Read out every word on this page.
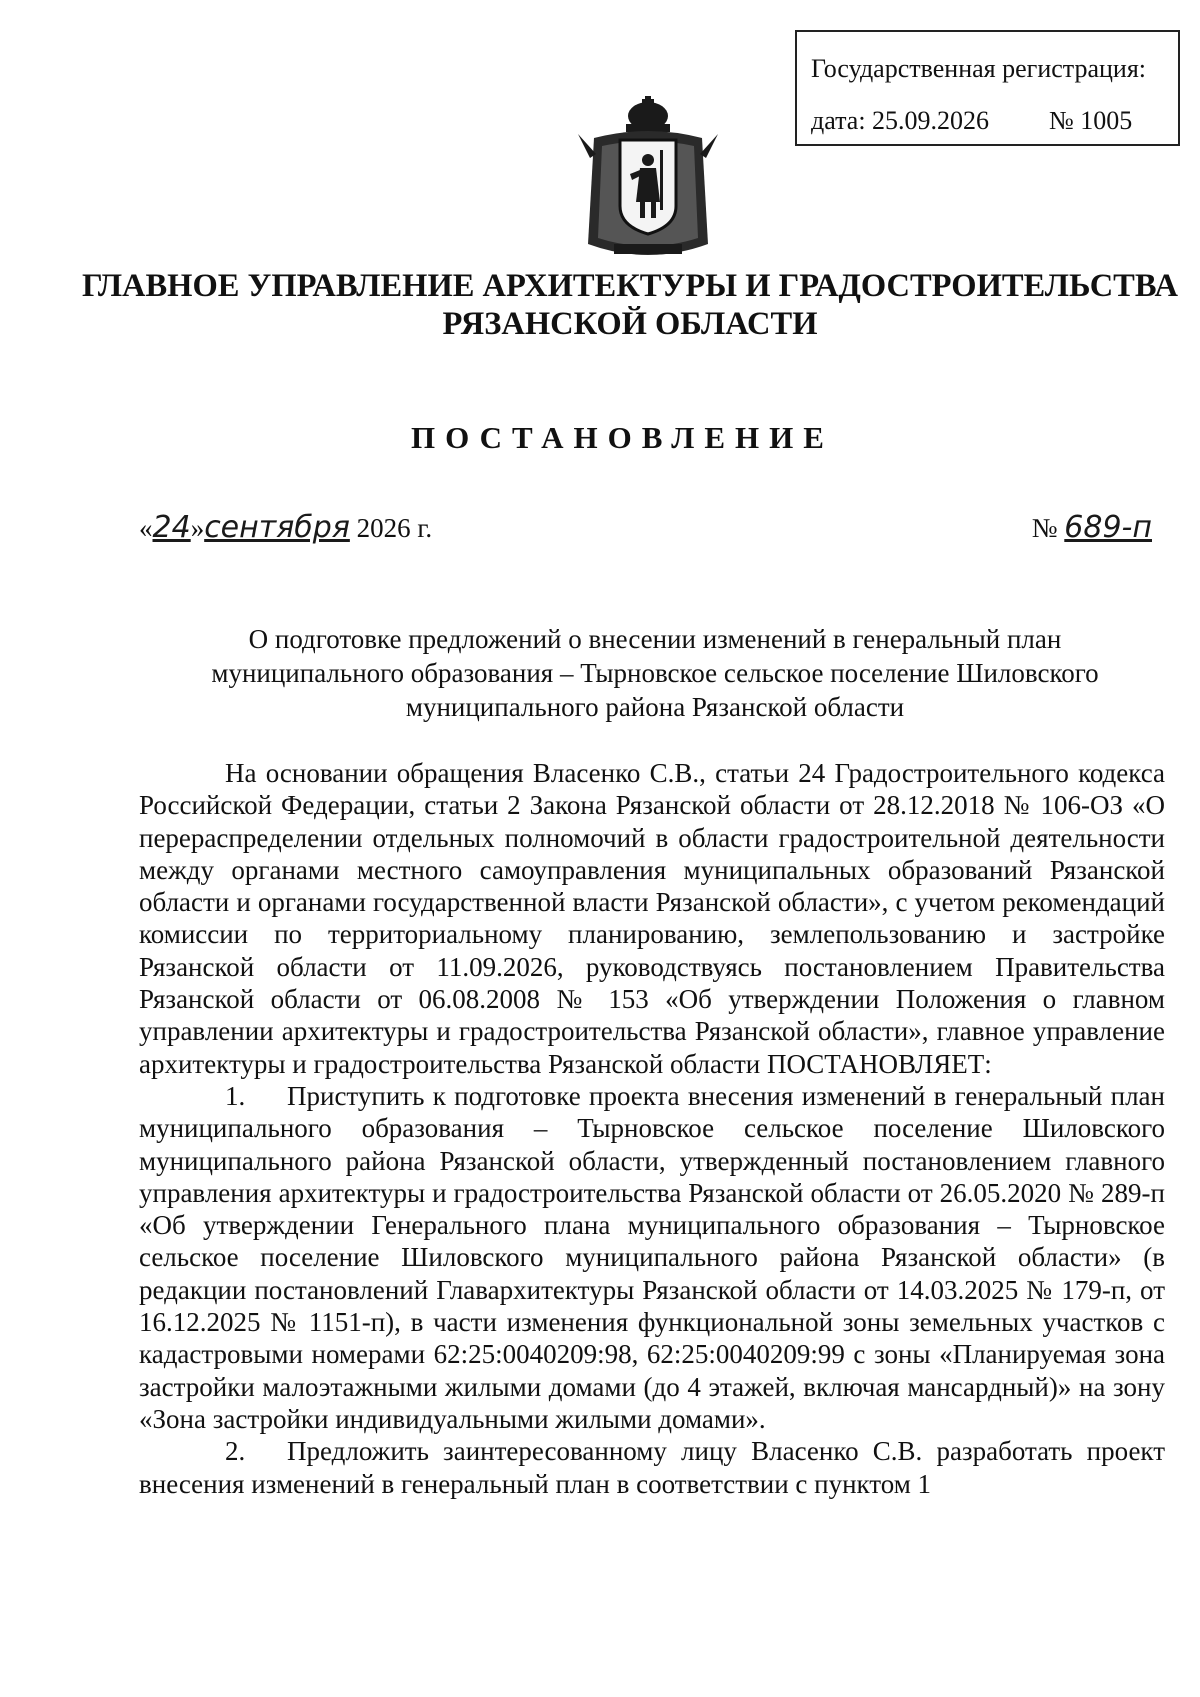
Государственная регистрация:
дата: 25.09.2026 № 1005
ГЛАВНОЕ УПРАВЛЕНИЕ АРХИТЕКТУРЫ И ГРАДОСТРОИТЕЛЬСТВА
РЯЗАНСКОЙ ОБЛАСТИ
ПОСТАНОВЛЕНИЕ
«24»сентября 2026 г.	№ 689-п
О подготовке предложений о внесении изменений в генеральный план
муниципального образования – Тырновское сельское поселение Шиловского
муниципального района Рязанской области

На основании обращения Власенко С.В., статьи 24 Градостроительного кодекса Российской Федерации, статьи 2 Закона Рязанской области от 28.12.2018 № 106-ОЗ «О перераспределении отдельных полномочий в области градостроительной деятельности между органами местного самоуправления муниципальных образований Рязанской области и органами государственной власти Рязанской области», с учетом рекомендаций комиссии по территориальному планированию, землепользованию и застройке Рязанской области от 11.09.2026, руководствуясь постановлением Правительства Рязанской области от 06.08.2008 № 153 «Об утверждении Положения о главном управлении архитектуры и градостроительства Рязанской области», главное управление архитектуры и градостроительства Рязанской области ПОСТАНОВЛЯЕТ:

1. Приступить к подготовке проекта внесения изменений в генеральный план муниципального образования – Тырновское сельское поселение Шиловского муниципального района Рязанской области, утвержденный постановлением главного управления архитектуры и градостроительства Рязанской области от 26.05.2020 № 289-п «Об утверждении Генерального плана муниципального образования – Тырновское сельское поселение Шиловского муниципального района Рязанской области» (в редакции постановлений Главархитектуры Рязанской области от 14.03.2025 № 179-п, от 16.12.2025 № 1151-п), в части изменения функциональной зоны земельных участков с кадастровыми номерами 62:25:0040209:98, 62:25:0040209:99 с зоны «Планируемая зона застройки малоэтажными жилыми домами (до 4 этажей, включая мансардный)» на зону «Зона застройки индивидуальными жилыми домами».

2. Предложить заинтересованному лицу Власенко С.В. разработать проект внесения изменений в генеральный план в соответствии с пунктом 1
